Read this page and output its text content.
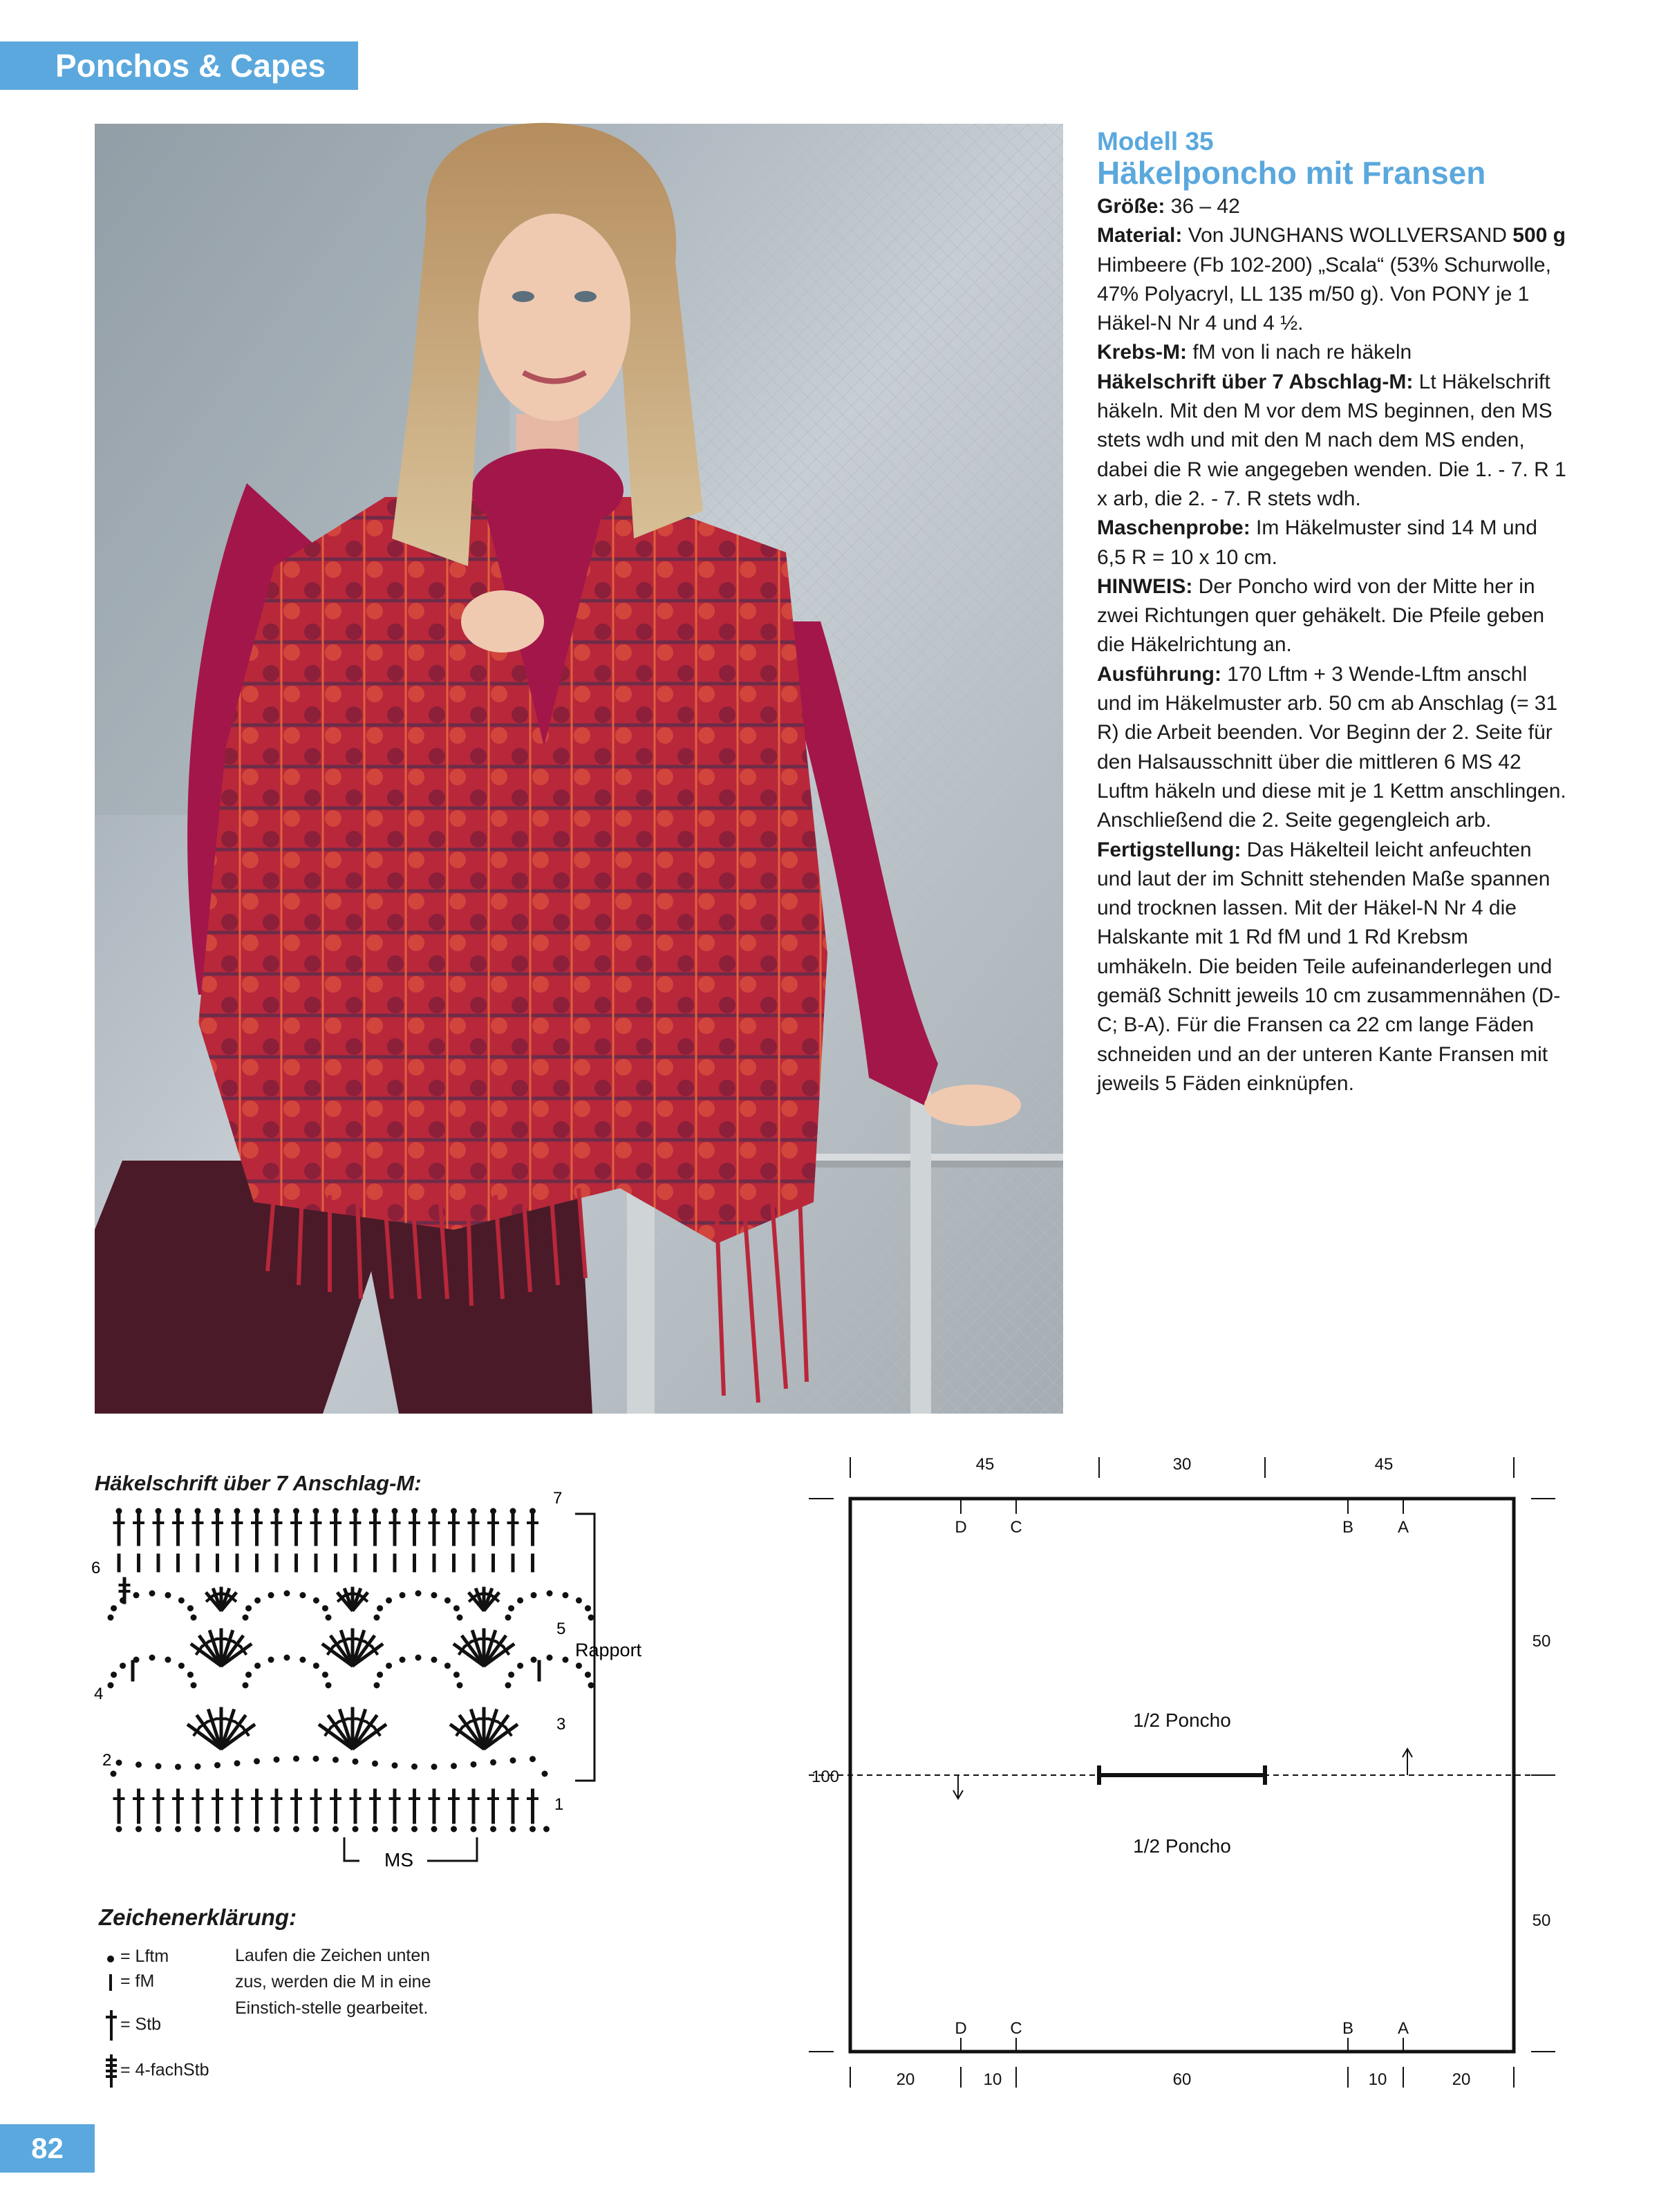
Ponchos & Capes
Modell 35
Häkelponcho mit Fransen

Größe: 36 – 42

Material: Von JUNGHANS WOLLVERSAND 500 g Himbeere (Fb 102-200) „Scala“ (53% Schurwolle, 47% Polyacryl, LL 135 m/50 g). Von PONY je 1 Häkel-N Nr 4 und 4 ½.

Krebs-M: fM von li nach re häkeln

Häkelschrift über 7 Abschlag-M: Lt Häkelschrift häkeln. Mit den M vor dem MS beginnen, den MS stets wdh und mit den M nach dem MS enden, dabei die R wie angegeben wenden. Die 1. - 7. R 1 x arb, die 2. - 7. R stets wdh.

Maschenprobe: Im Häkelmuster sind 14 M und 6,5 R = 10 x 10 cm.

HINWEIS: Der Poncho wird von der Mitte her in zwei Richtungen quer gehäkelt. Die Pfeile geben die Häkelrichtung an.

Ausführung: 170 Lftm + 3 Wende-Lftm anschl und im Häkelmuster arb. 50 cm ab Anschlag (= 31 R) die Arbeit beenden. Vor Beginn der 2. Seite für den Halsausschnitt über die mittleren 6 MS 42 Luftm häkeln und diese mit je 1 Kettm anschlingen. Anschließend die 2. Seite gegengleich arb.

Fertigstellung: Das Häkelteil leicht anfeuchten und laut der im Schnitt stehenden Maße spannen und trocknen lassen. Mit der Häkel-N Nr 4 die Halskante mit 1 Rd fM und 1 Rd Krebsm umhäkeln. Die beiden Teile aufeinanderlegen und gemäß Schnitt jeweils 10 cm zusammennähen (D-C; B-A). Für die Fransen ca 22 cm lange Fäden schneiden und an der unteren Kante Fransen mit jeweils 5 Fäden einknüpfen.

Häkelschrift über 7 Anschlag-M:
7
6
5
4
3
2
1
Rapport
MS
Zeichenerklärung:
= Lftm
= fM
= Stb
= 4-fachStb
Laufen die Zeichen unten zus, werden die M in eine Einstich-stelle gearbeitet.
45	30	45
D	C	B	A
D	C	B	A
50
50
100
20	10	60	10	20
1/2 Poncho
1/2 Poncho
82
